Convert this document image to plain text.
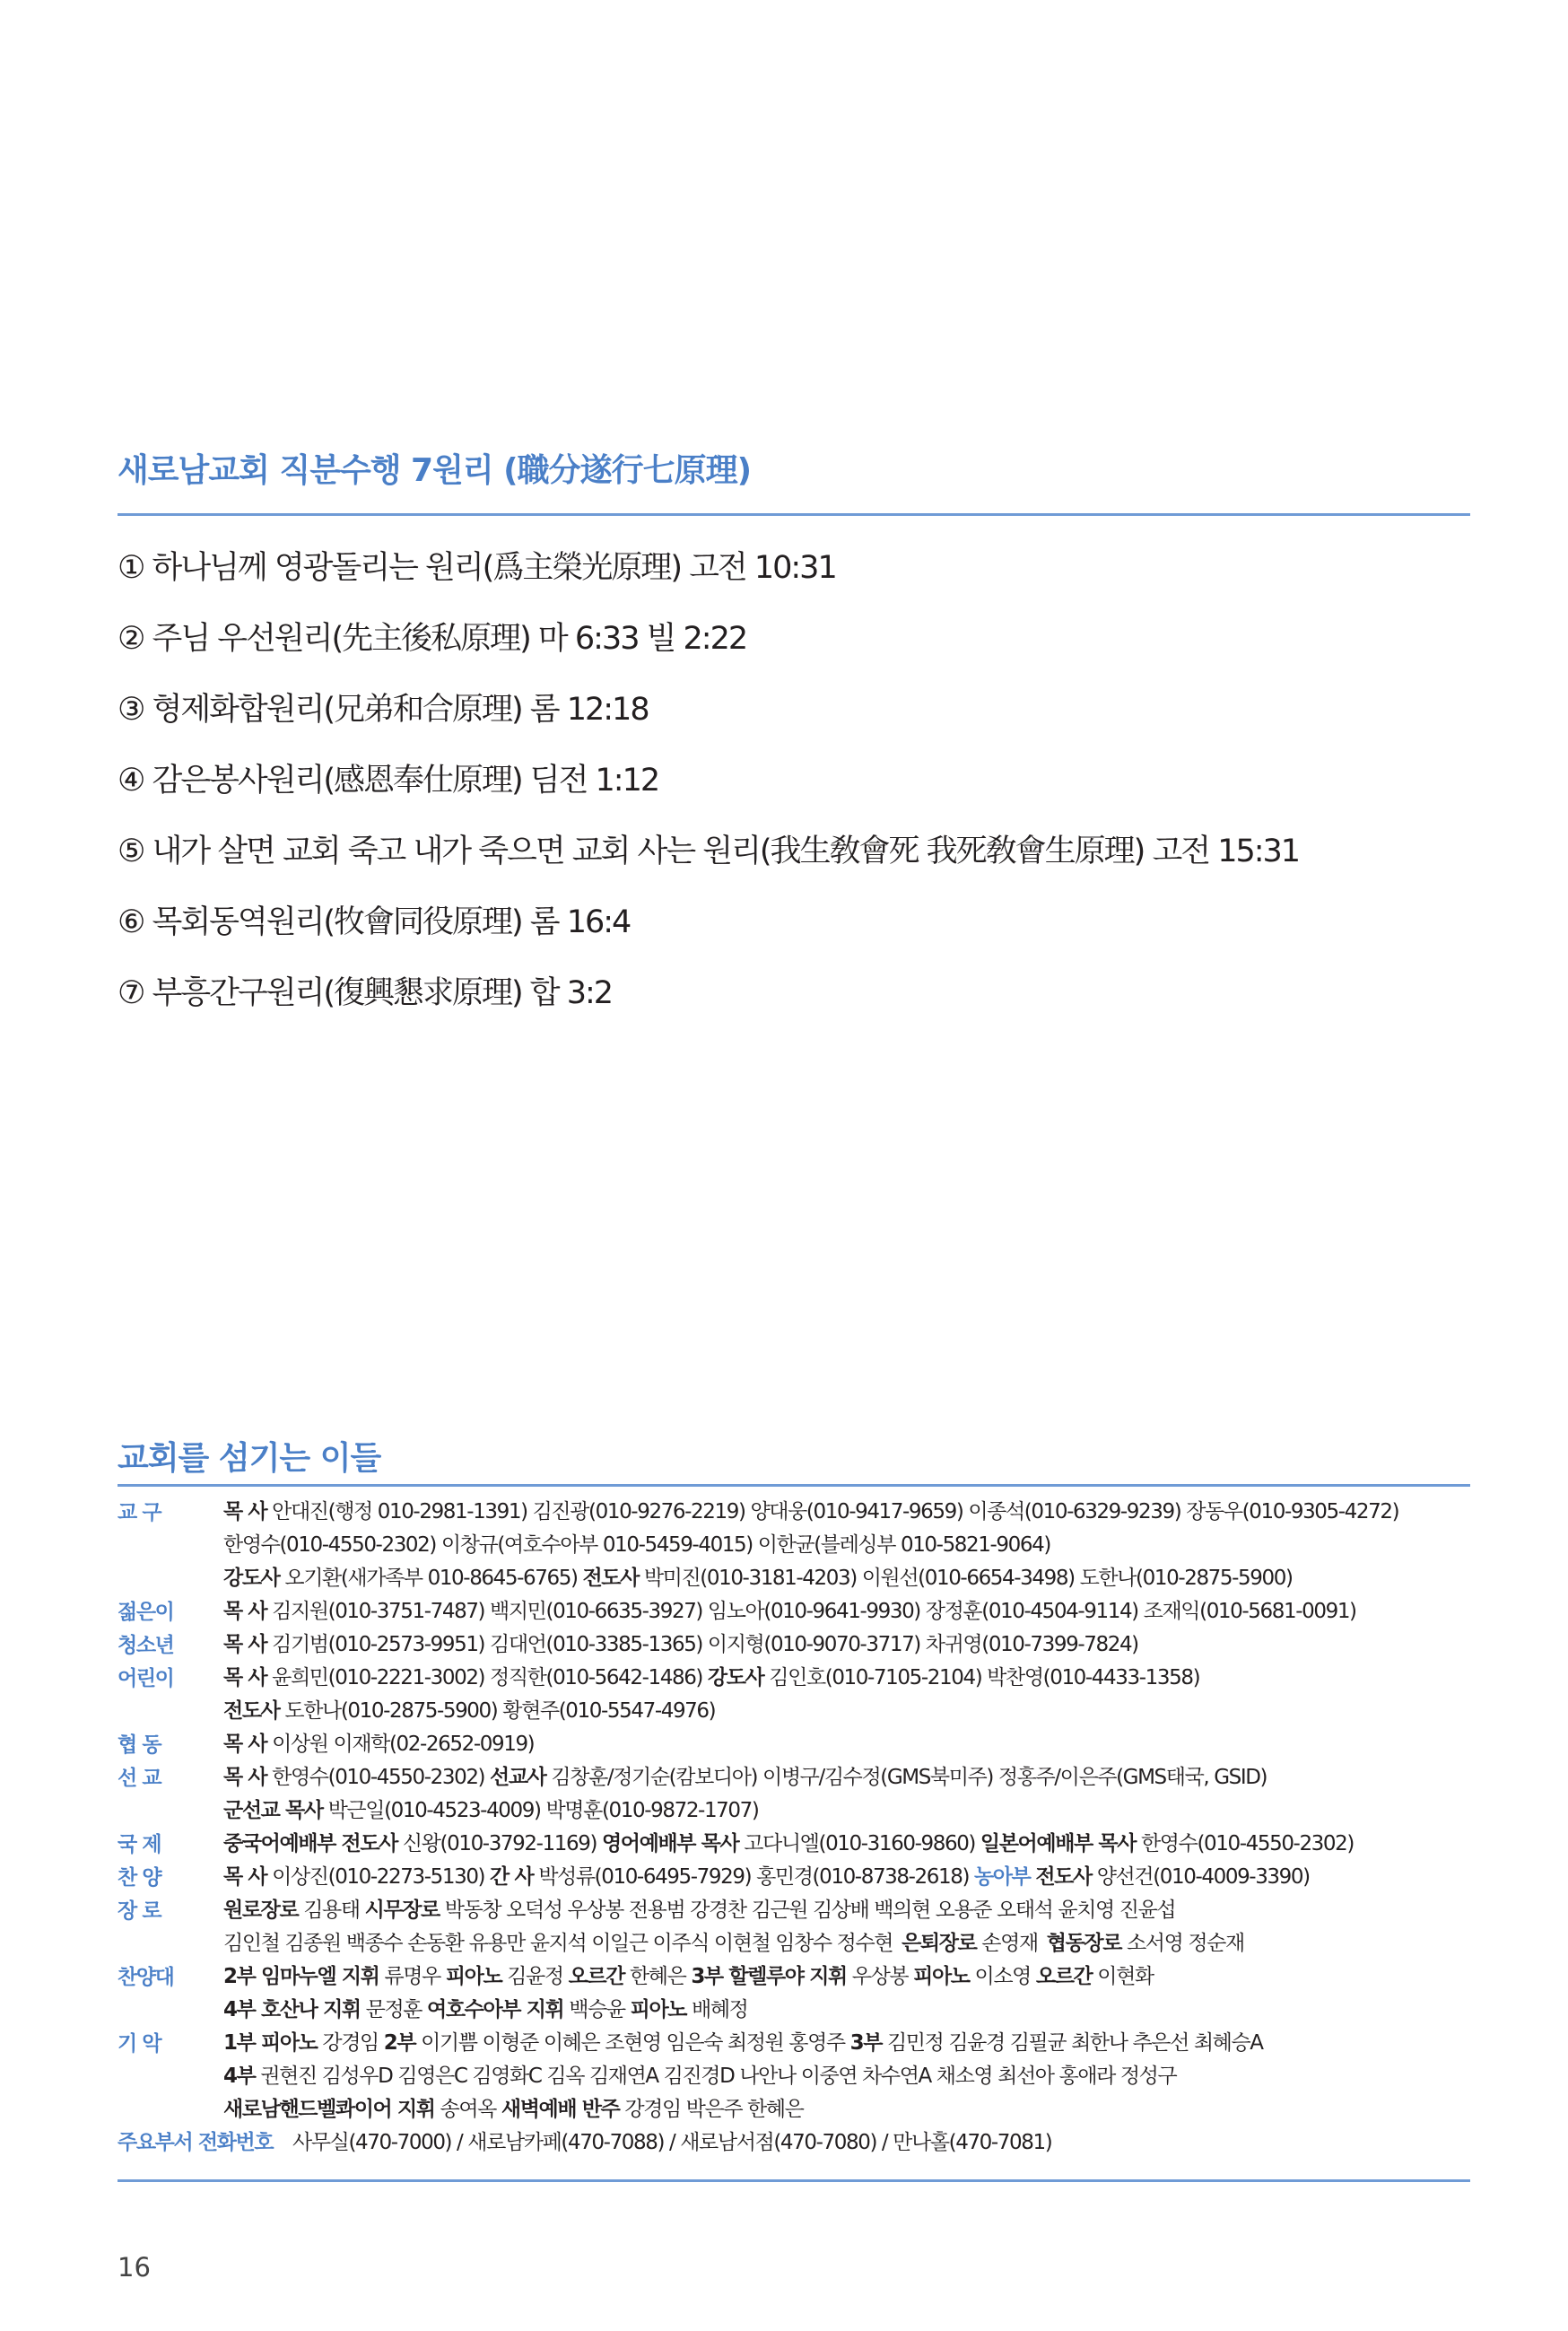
새로남교회 직분수행 7원리 (職分遂行七原理)
① 하나님께 영광돌리는 원리(爲主榮光原理) 고전 10:31
② 주님 우선원리(先主後私原理) 마 6:33 빌 2:22
③ 형제화합원리(兄弟和合原理) 롬 12:18
④ 감은봉사원리(感恩奉仕原理) 딤전 1:12
⑤ 내가 살면 교회 죽고 내가 죽으면 교회 사는 원리(我生敎會死 我死敎會生原理) 고전 15:31
⑥ 목회동역원리(牧會同役原理) 롬 16:4
⑦ 부흥간구원리(復興懇求原理) 합 3:2
교회를 섬기는 이들
교 구	목 사 안대진(행정 010-2981-1391) 김진광(010-9276-2219) 양대웅(010-9417-9659) 이종석(010-6329-9239) 장동우(010-9305-4272)
한영수(010-4550-2302) 이창규(여호수아부 010-5459-4015) 이한균(블레싱부 010-5821-9064)
강도사 오기환(새가족부 010-8645-6765) 전도사 박미진(010-3181-4203) 이원선(010-6654-3498) 도한나(010-2875-5900)
젊은이	목 사 김지원(010-3751-7487) 백지민(010-6635-3927) 임노아(010-9641-9930) 장정훈(010-4504-9114) 조재익(010-5681-0091)
청소년	목 사 김기범(010-2573-9951) 김대언(010-3385-1365) 이지형(010-9070-3717) 차귀영(010-7399-7824)
어린이	목 사 윤희민(010-2221-3002) 정직한(010-5642-1486) 강도사 김인호(010-7105-2104) 박찬영(010-4433-1358)
전도사 도한나(010-2875-5900) 황현주(010-5547-4976)
협 동	목 사 이상원 이재학(02-2652-0919)
선 교	목 사 한영수(010-4550-2302) 선교사 김창훈/정기순(캄보디아) 이병구/김수정(GMS북미주) 정홍주/이은주(GMS태국, GSID)
군선교 목사 박근일(010-4523-4009) 박명훈(010-9872-1707)
국 제	중국어예배부 전도사 신왕(010-3792-1169) 영어예배부 목사 고다니엘(010-3160-9860) 일본어예배부 목사 한영수(010-4550-2302)
찬 양	목 사 이상진(010-2273-5130) 간 사 박성류(010-6495-7929) 홍민경(010-8738-2618) 농아부 전도사 양선건(010-4009-3390)
장 로	원로장로 김용태 시무장로 박동창 오덕성 우상봉 전용범 강경찬 김근원 김상배 백의현 오용준 오태석 윤치영 진윤섭
김인철 김종원 백종수 손동환 유용만 윤지석 이일근 이주식 이현철 임창수 정수현 은퇴장로 손영재 협동장로 소서영 정순재
찬양대	2부 임마누엘 지휘 류명우 피아노 김윤정 오르간 한혜은 3부 할렐루야 지휘 우상봉 피아노 이소영 오르간 이현화
4부 호산나 지휘 문정훈 여호수아부 지휘 백승윤 피아노 배혜정
기 악	1부 피아노 강경임 2부 이기쁨 이형준 이혜은 조현영 임은숙 최정원 홍영주 3부 김민정 김윤경 김필균 최한나 추은선 최혜승A
4부 권현진 김성우D 김영은C 김영화C 김옥 김재연A 김진경D 나안나 이중연 차수연A 채소영 최선아 홍애라 정성구
새로남핸드벨콰이어 지휘 송여옥 새벽예배 반주 강경임 박은주 한혜은
주요부서 전화번호 사무실(470-7000) / 새로남카페(470-7088) / 새로남서점(470-7080) / 만나홀(470-7081)
16
